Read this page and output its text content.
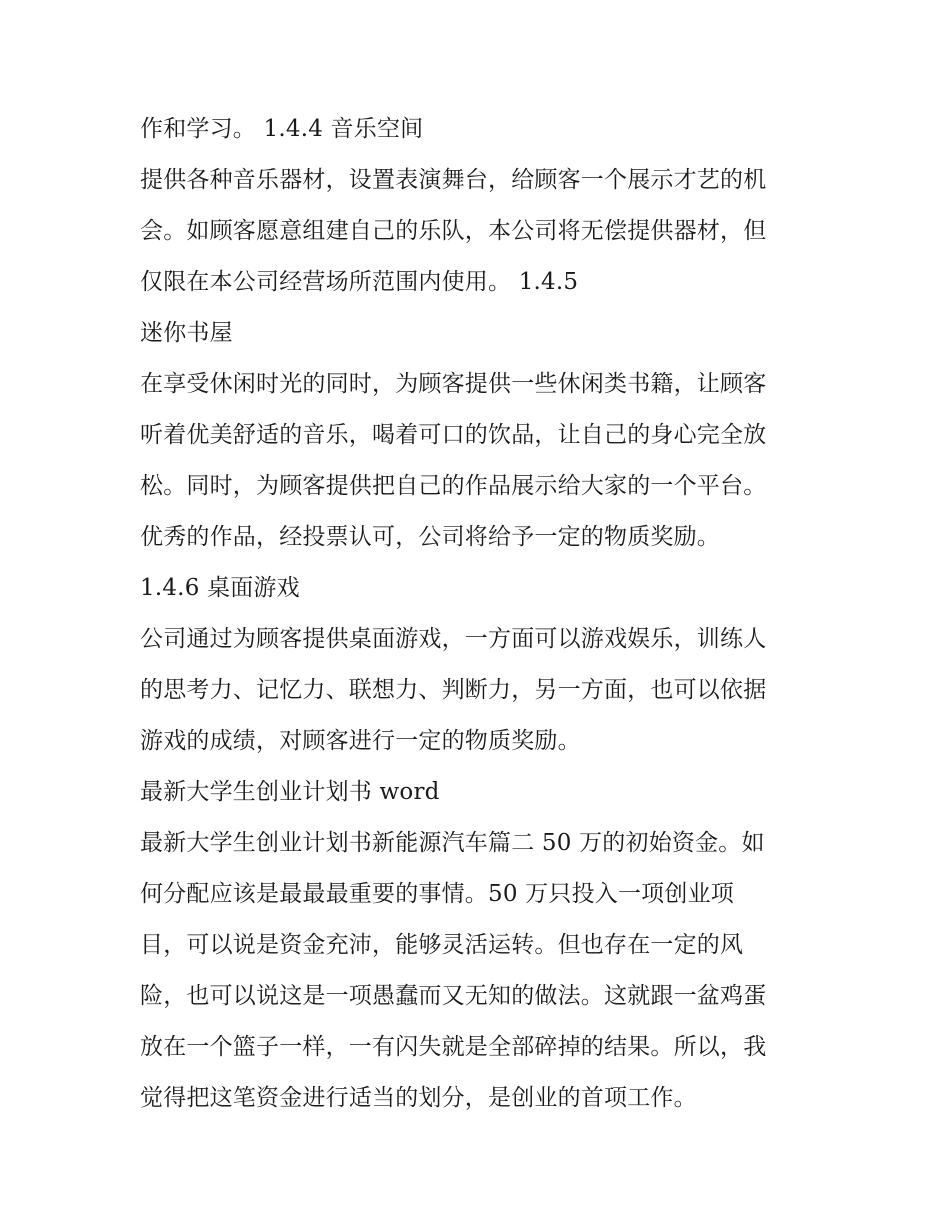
作和学习。 1.4.4 音乐空间
提供各种音乐器材，设置表演舞台，给顾客一个展示才艺的机
会。如顾客愿意组建自己的乐队，本公司将无偿提供器材，但
仅限在本公司经营场所范围内使用。 1.4.5
迷你书屋
在享受休闲时光的同时，为顾客提供一些休闲类书籍，让顾客
听着优美舒适的音乐，喝着可口的饮品，让自己的身心完全放
松。同时，为顾客提供把自己的作品展示给大家的一个平台。
优秀的作品，经投票认可，公司将给予一定的物质奖励。
1.4.6 桌面游戏
公司通过为顾客提供桌面游戏，一方面可以游戏娱乐，训练人
的思考力、记忆力、联想力、判断力，另一方面，也可以依据
游戏的成绩，对顾客进行一定的物质奖励。
最新大学生创业计划书 word
最新大学生创业计划书新能源汽车篇二 50 万的初始资金。如
何分配应该是最最最重要的事情。50 万只投入一项创业项
目，可以说是资金充沛，能够灵活运转。但也存在一定的风
险，也可以说这是一项愚蠢而又无知的做法。这就跟一盆鸡蛋
放在一个篮子一样，一有闪失就是全部碎掉的结果。所以，我
觉得把这笔资金进行适当的划分，是创业的首项工作。
